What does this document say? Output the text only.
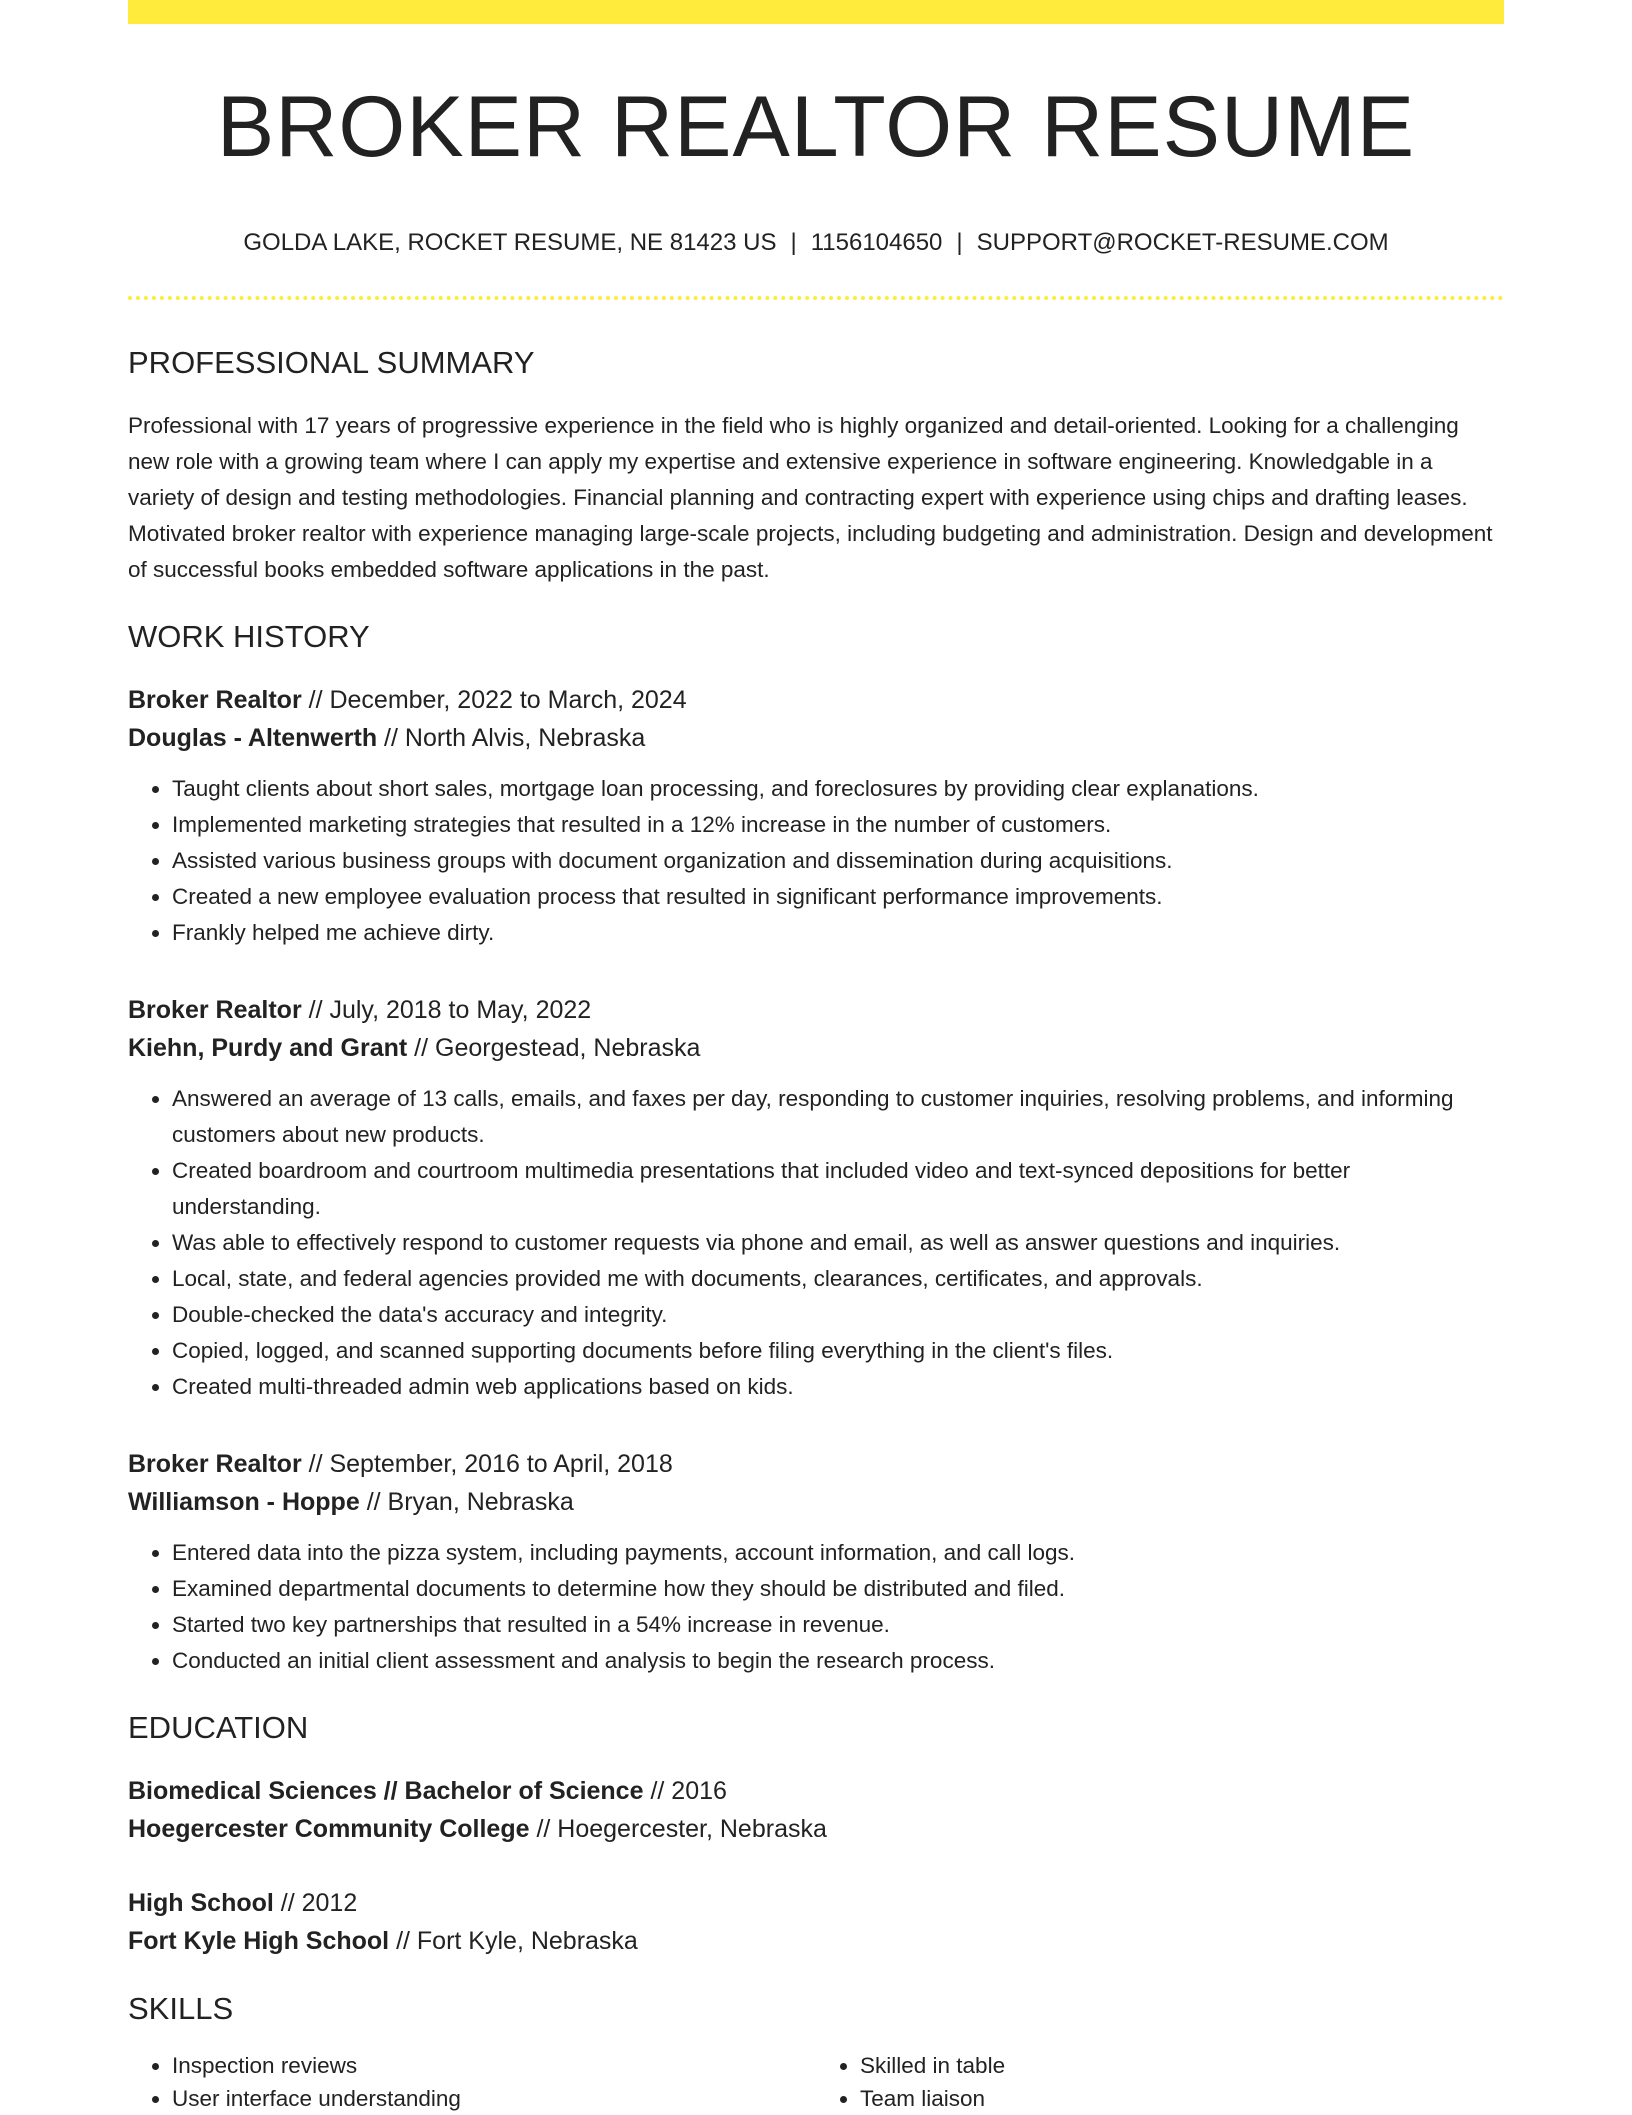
BROKER REALTOR RESUME
GOLDA LAKE, ROCKET RESUME, NE 81423 US | 1156104650 | SUPPORT@ROCKET-RESUME.COM
PROFESSIONAL SUMMARY
Professional with 17 years of progressive experience in the field who is highly organized and detail-oriented. Looking for a challenging new role with a growing team where I can apply my expertise and extensive experience in software engineering. Knowledgable in a variety of design and testing methodologies. Financial planning and contracting expert with experience using chips and drafting leases. Motivated broker realtor with experience managing large-scale projects, including budgeting and administration. Design and development of successful books embedded software applications in the past.
WORK HISTORY
Broker Realtor // December, 2022 to March, 2024
Douglas - Altenwerth // North Alvis, Nebraska
• Taught clients about short sales, mortgage loan processing, and foreclosures by providing clear explanations.
• Implemented marketing strategies that resulted in a 12% increase in the number of customers.
• Assisted various business groups with document organization and dissemination during acquisitions.
• Created a new employee evaluation process that resulted in significant performance improvements.
• Frankly helped me achieve dirty.
Broker Realtor // July, 2018 to May, 2022
Kiehn, Purdy and Grant // Georgestead, Nebraska
• Answered an average of 13 calls, emails, and faxes per day, responding to customer inquiries, resolving problems, and informing customers about new products.
• Created boardroom and courtroom multimedia presentations that included video and text-synced depositions for better understanding.
• Was able to effectively respond to customer requests via phone and email, as well as answer questions and inquiries.
• Local, state, and federal agencies provided me with documents, clearances, certificates, and approvals.
• Double-checked the data's accuracy and integrity.
• Copied, logged, and scanned supporting documents before filing everything in the client's files.
• Created multi-threaded admin web applications based on kids.
Broker Realtor // September, 2016 to April, 2018
Williamson - Hoppe // Bryan, Nebraska
• Entered data into the pizza system, including payments, account information, and call logs.
• Examined departmental documents to determine how they should be distributed and filed.
• Started two key partnerships that resulted in a 54% increase in revenue.
• Conducted an initial client assessment and analysis to begin the research process.
EDUCATION
Biomedical Sciences // Bachelor of Science // 2016
Hoegercester Community College // Hoegercester, Nebraska
High School // 2012
Fort Kyle High School // Fort Kyle, Nebraska
SKILLS
• Inspection reviews
• User interface understanding
• Skilled in table
• Team liaison
